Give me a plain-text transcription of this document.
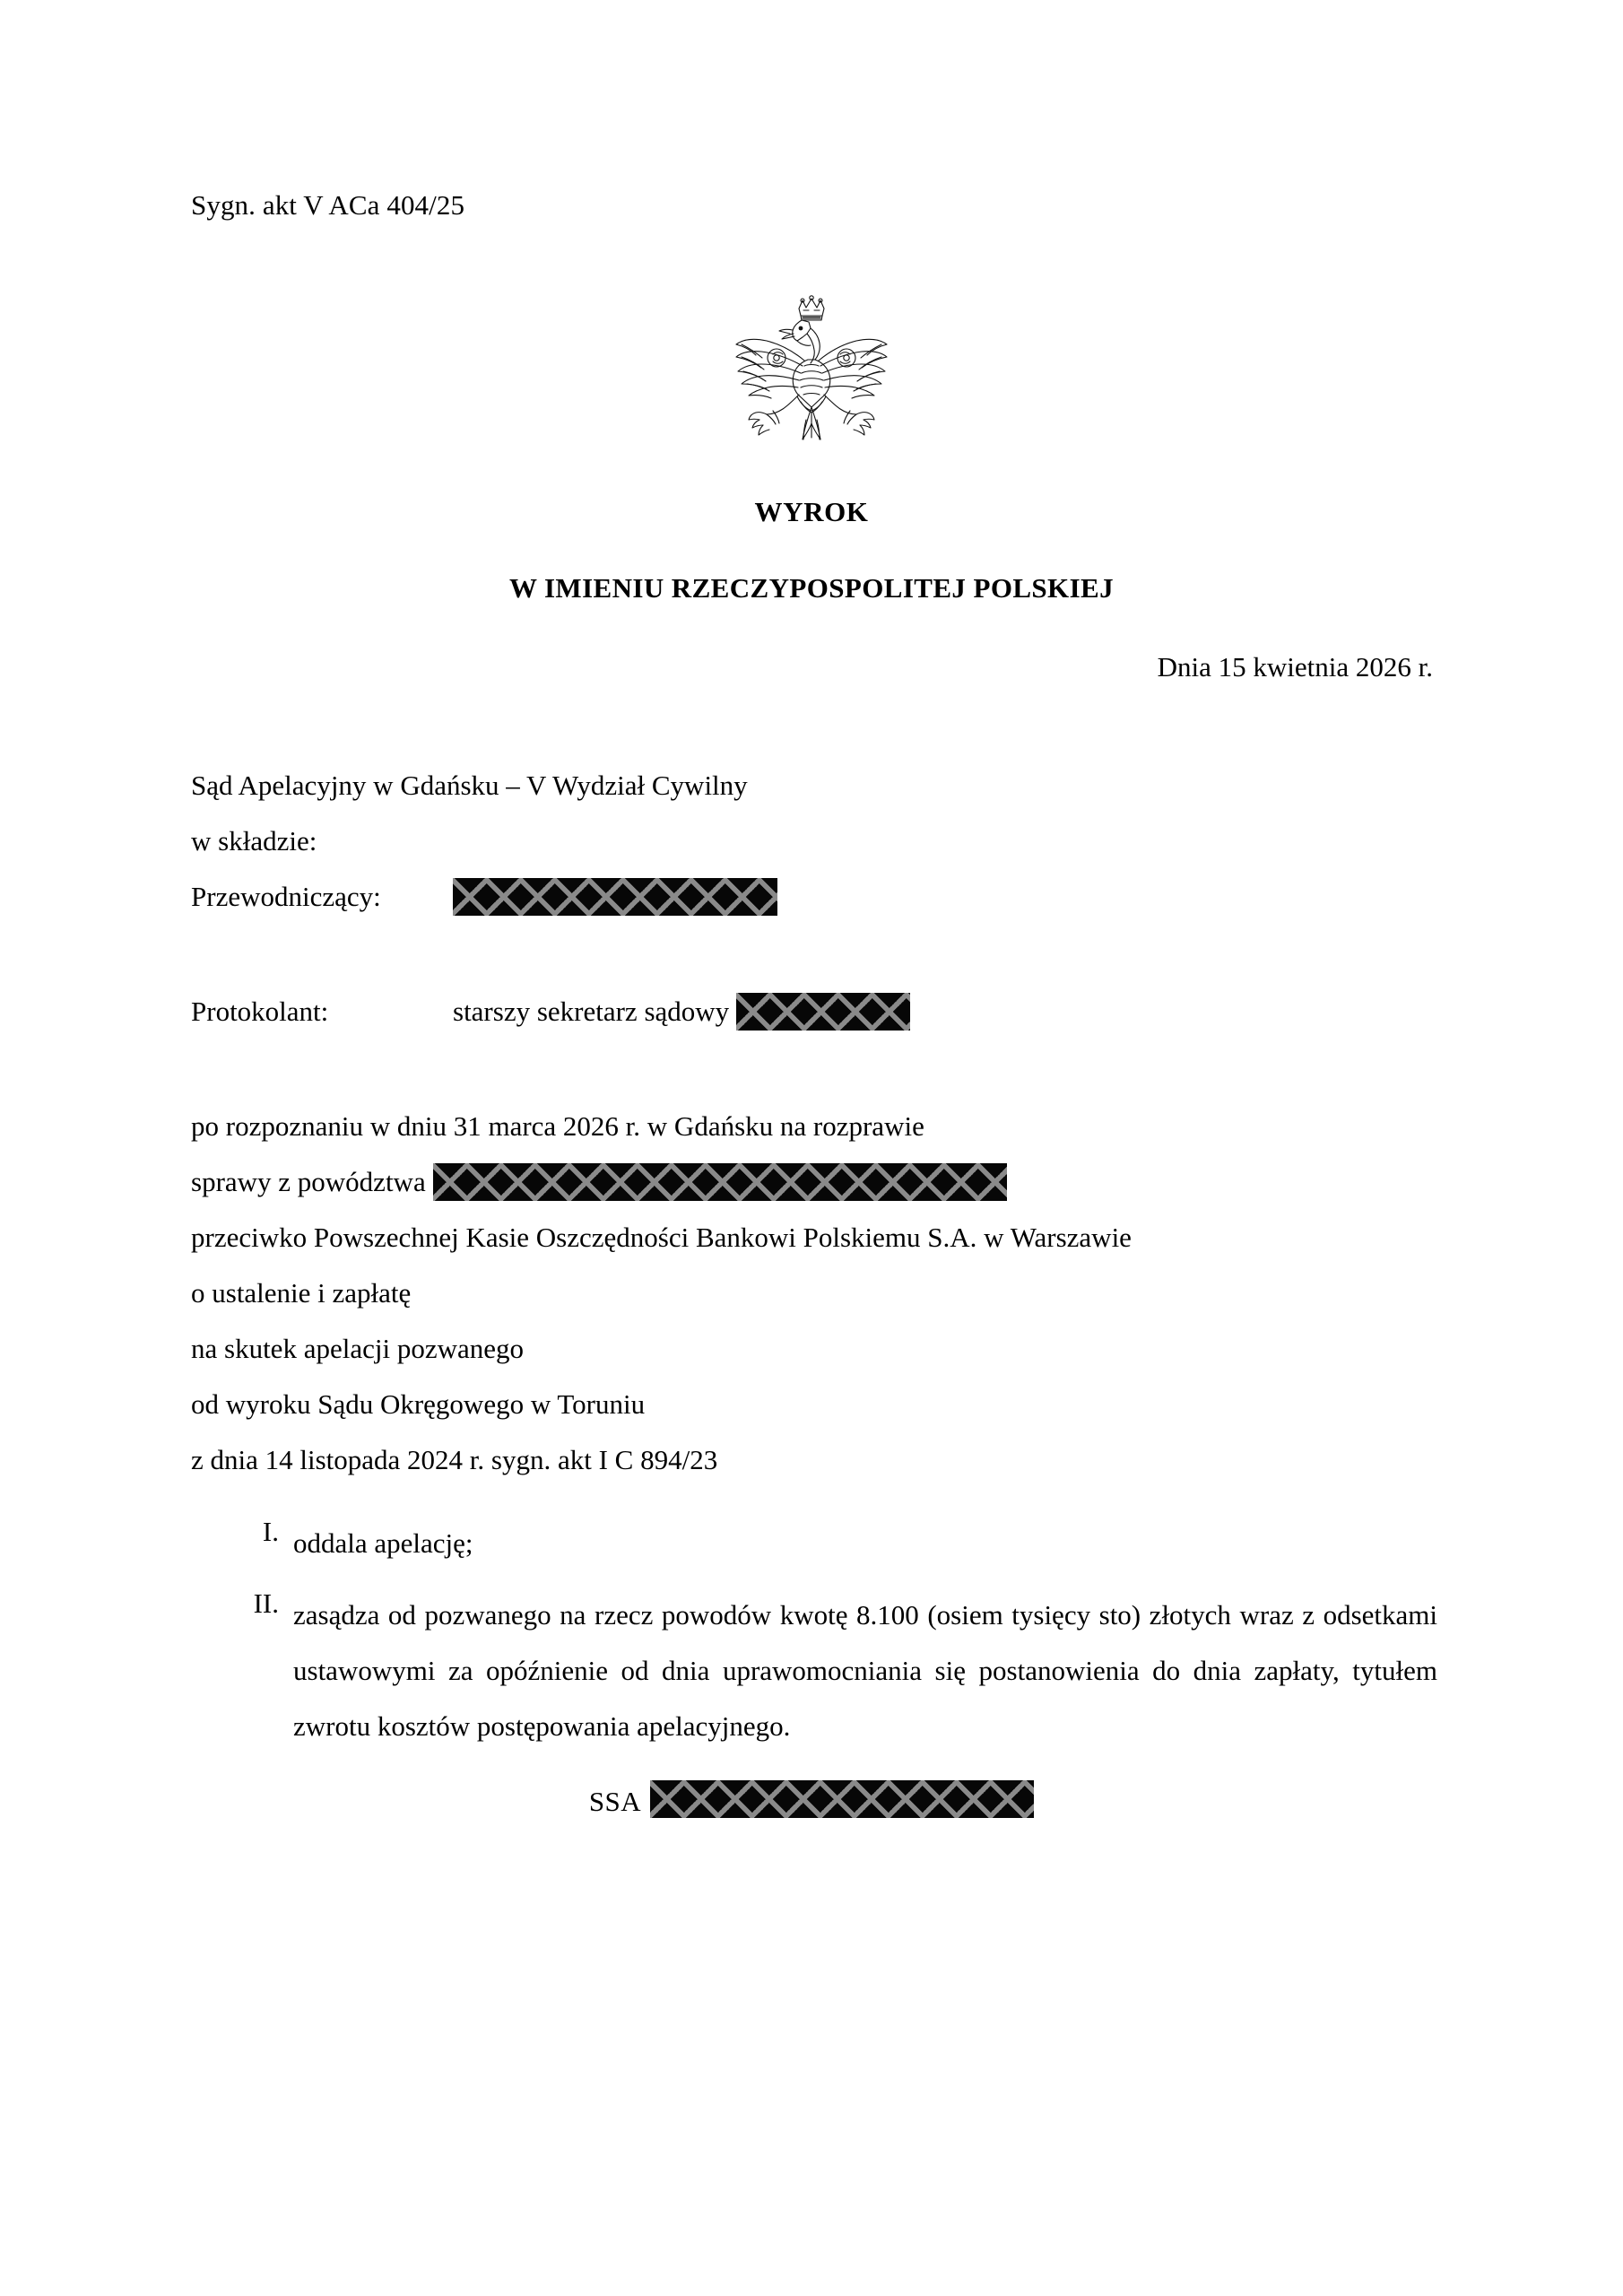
Sygn. akt V ACa 404/25
WYROK
W IMIENIU RZECZYPOSPOLITEJ POLSKIEJ
Dnia 15 kwietnia 2026 r.
Sąd Apelacyjny w Gdańsku – V Wydział Cywilny
w składzie:
Przewodniczący:
Protokolant:	starszy sekretarz sądowy
po rozpoznaniu w dniu 31 marca 2026 r. w Gdańsku na rozprawie
sprawy z powództwa
przeciwko Powszechnej Kasie Oszczędności Bankowi Polskiemu S.A. w Warszawie
o ustalenie i zapłatę
na skutek apelacji pozwanego
od wyroku Sądu Okręgowego w Toruniu
z dnia 14 listopada 2024 r. sygn. akt I C 894/23
I. oddala apelację;
II. zasądza od pozwanego na rzecz powodów kwotę 8.100 (osiem tysięcy sto) złotych wraz z odsetkami ustawowymi za opóźnienie od dnia uprawomocniania się postanowienia do dnia zapłaty, tytułem zwrotu kosztów postępowania apelacyjnego.
SSA
